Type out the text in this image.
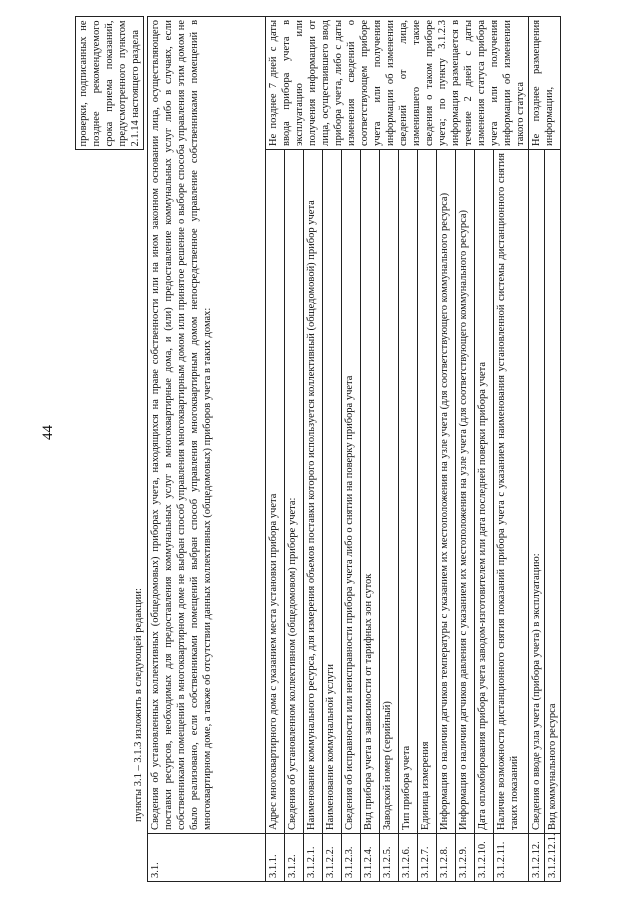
44
	проверки, подписанных не позднее рекомендуемого срока приема показаний, предусмотренного пунктом 2.1.14 настоящего раздела
пункты 3.1 – 3.1.3 изложить в следующей редакции:
3.1.	Сведения об установленных коллективных (общедомовых) приборах учета, находящихся на праве собственности или на ином законном основании лица, осуществляющего поставки ресурсов, необходимых для предоставления коммунальных услуг в многоквартирные дома, и (или) предоставление коммунальных услуг либо в случаях, если собственниками помещений в многоквартирном доме не выбран способ управления многоквартирным домом или принятое решение о выборе способа управления этим домом не было реализовано, если собственниками помещений выбран способ управления многоквартирным домом непосредственное управление собственниками помещений в многоквартирном доме, а также об отсутствии данных коллективных (общедомовых) приборов учета в таких домах:	
3.1.1.	Адрес многоквартирного дома с указанием места установки прибора учета	Не позднее 7 дней с даты ввода прибора учета в эксплуатацию или получения информации от лица, осуществившего ввод прибора учета, либо с даты изменения сведений о соответствующем приборе учета или получения информации об изменении сведений от лица, изменившего такие сведения о таком приборе учета; по пункту 3.1.2.3 информация размещается в течение 2 дней с даты изменения статуса прибора учета или получения информации об изменении такого статуса
3.1.2.	Сведения об установленном коллективном (общедомовом) приборе учета:	
3.1.2.1.	Наименование коммунального ресурса, для измерения объемов поставки которого используется коллективный (общедомовой) прибор учета	
3.1.2.2.	Наименование коммунальной услуги	
3.1.2.3.	Сведения об исправности или неисправности прибора учета либо о снятии на поверку прибора учета	
3.1.2.4.	Вид прибора учета в зависимости от тарифных зон суток	
3.1.2.5.	Заводской номер (серийный)	
3.1.2.6.	Тип прибора учета	
3.1.2.7.	Единица измерения	
3.1.2.8.	Информация о наличии датчиков температуры с указанием их местоположения на узле учета (для соответствующего коммунального ресурса)	
3.1.2.9.	Информация о наличии датчиков давления с указанием их местоположения на узле учета (для соответствующего коммунального ресурса)	
3.1.2.10.	Дата опломбирования прибора учета заводом-изготовителем или дата последней поверки прибора учета	
3.1.2.11.	Наличие возможности дистанционного снятия показаний прибора учета с указанием наименования установленной системы дистанционного снятия таких показаний	
3.1.2.12.	Сведения о вводе узла учета (прибора учета) в эксплуатацию:	Не позднее размещения информации,
3.1.2.12.1.	Вид коммунального ресурса	
